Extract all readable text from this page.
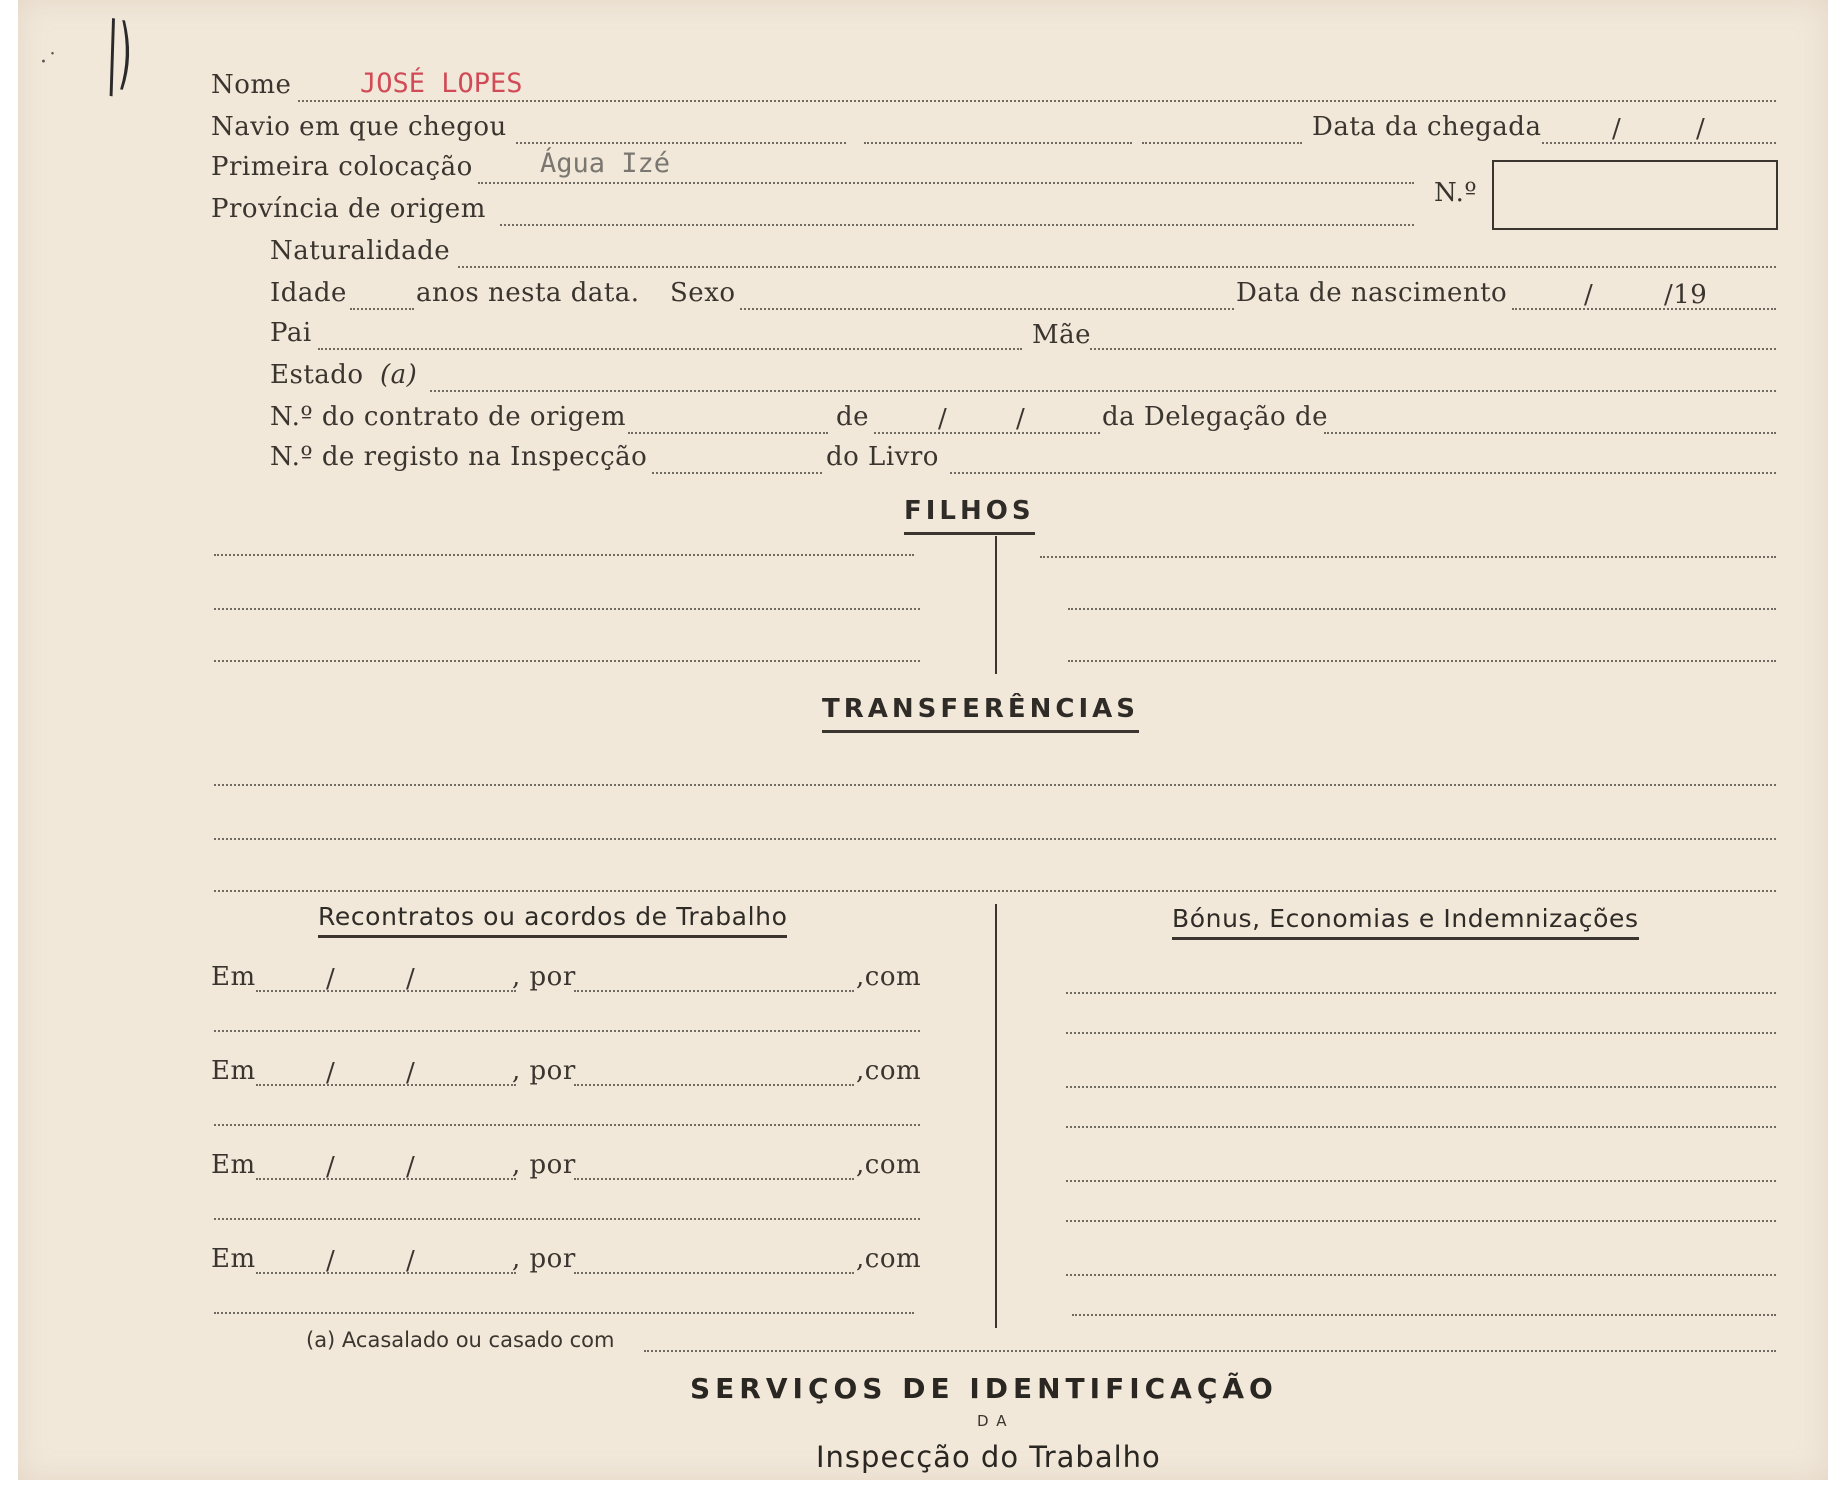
·˙ |)	Nome	JOSÉ LOPES
Navio em que chegou	Data da chegada	/	/
Primeira colocação Água Izé
N.º
Província de origem
Naturalidade
Idade	anos nesta data. Sexo	Data de nascimento	/	/19
Pai	Mãe
Estado (a)
N.º do contrato de origem	de	/	/	da Delegação de
N.º de registo na Inspecção	do Livro
FILHOS
TRANSFERÊNCIAS
Recontratos ou acordos de Trabalho	Bónus, Economias e Indemnizações
Em	/	/	, por	,com
Em	/	/	, por	,com
Em	/	/	, por	,com
Em	/	/	, por	,com
(a) Acasalado ou casado com
SERVIÇOS DE IDENTIFICAÇÃO
DA
Inspecção do Trabalho
